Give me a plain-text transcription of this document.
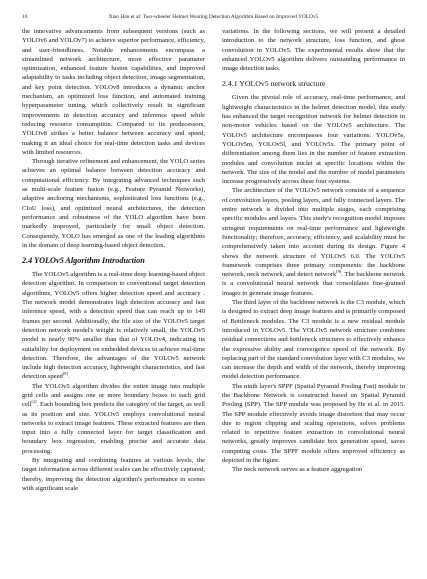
16	Xiao Han et al: Two-wheeler Helmet Wearing Detection Algorithm Based on Improved YOLOv5

the innovative advancements from subsequent versions (such as YOLOv6 and YOLOv7) to achieve superior performance, efficiency, and user-friendliness. Notable enhancements encompass a streamlined network architecture, more effective parameter optimization, enhanced feature fusion capabilities, and improved adaptability to tasks including object detection, image segmentation, and key point detection. YOLOv8 introduces a dynamic anchor mechanism, an optimized loss function, and automated training hyperparameter tuning, which collectively result in significant improvements in detection accuracy and inference speed while reducing resource consumption. Compared to its predecessors, YOLOv8 strikes a better balance between accuracy and speed, making it an ideal choice for real-time detection tasks and devices with limited resources.

Through iterative refinement and enhancement, the YOLO series achieves an optimal balance between detection accuracy and computational efficiency. By integrating advanced techniques such as multi-scale feature fusion (e.g., Feature Pyramid Networks), adaptive anchoring mechanisms, sophisticated loss functions (e.g., CIoU loss), and optimized neural architectures, the detection performance and robustness of the YOLO algorithm have been markedly improved, particularly for small object detection. Consequently, YOLO has emerged as one of the leading algorithms in the domain of deep learning-based object detection.

2.4 YOLOv5 Algorithm Introduction

The YOLOv5 algorithm is a real-time deep learning-based object detection algorithm. In comparison to conventional target detection algorithms, YOLOv5 offers higher detection speed and accuracy . The network model demonstrates high detection accuracy and fast inference speed, with a detection speed that can reach up to 140 frames per second. Additionally, the file size of the YOLOv5 target detection network model's weight is relatively small, the YOLOv5 model is nearly 90% smaller than that of YOLOv4, indicating its suitability for deployment on embedded devices to achieve real-time detection. Therefore, the advantages of the YOLOv5 network include high detection accuracy, lightweight characteristics, and fast detection speed[8].

The YOLOv5 algorithm divides the entire image into multiple grid cells and assigns one or more boundary boxes to each grid cell[2]. Each bounding box predicts the category of the target, as well as its position and size. YOLOv5 employs convolutional neural networks to extract image features. These extracted features are then input into a fully connected layer for target classification and boundary box regression, enabling precise and accurate data processing.

By integrating and combining features at various levels, the target information across different scales can be effectively captured, thereby, improving the detection algorithm's performance in scenes with significant scale

variations. In the following sections, we will present a detailed introduction to the network structure, loss function, and ghost convolution in YOLOv5. The experimental results show that the enhanced YOLOv5 algorithm delivers outstanding performance in image detection tasks.

2.4.1 YOLOv5 network structure

Given the pivotal role of accuracy, real-time performance, and lightweight characteristics in the helmet detection model, this study has enhanced the target recognition network for helmet detection in non-motor vehicles based on the YOLOv5 architecture. The YOLOv5 architecture encompasses four variations: YOLOv5s, YOLOv5m, YOLOv5l, and YOLOv5x. The primary point of differentiation among them lies in the number of feature extraction modules and convolution nuclei at specific locations within the network. The size of the model and the number of model parameters increase progressively across these four systems.

The architecture of the YOLOv5 network consists of a sequence of convolution layers, pooling layers, and fully connected layers. The entire network is divided into multiple stages, each comprising specific modules and layers. This study's recognition model imposes stringent requirements on real-time performance and lightweight functionality; therefore, accuracy, efficiency, and scalability must be comprehensively taken into account during its design. Figure 4 shows the network structure of YOLOv5 6.0. The YOLOv5 framework comprises three primary components: the backbone network, neck network, and detect network[9]. The backbone network is a convolutional neural network that consolidates fine-grained images to generate image features.

The third layer of the backbone network is the C3 module, which is designed to extract deep image features and is primarily composed of Bottleneck modules. The C3 module is a new residual module introduced in YOLOv5. The YOLOv5 network structure combines residual connections and bottleneck structures to effectively enhance the expressive ability and convergence speed of the network. By replacing part of the standard convolution layer with C3 modules, we can increase the depth and width of the network, thereby improving model detection performance.

The ninth layer's SPPF (Spatial Pyramid Pooling Fast) module in the Backbone Network is constructed based on Spatial Pyramid Pooling (SPP). The SPP module was proposed by He et al. in 2015. The SPP module effectively avoids image distortion that may occur due to region clipping and scaling operations, solves problems related to repetitive feature extraction in convolutional neural networks, greatly improves candidate box generation speed, saves computing costs. The SPPF module offers improved efficiency as depicted in the figure.

The neck network serves as a feature aggregation
